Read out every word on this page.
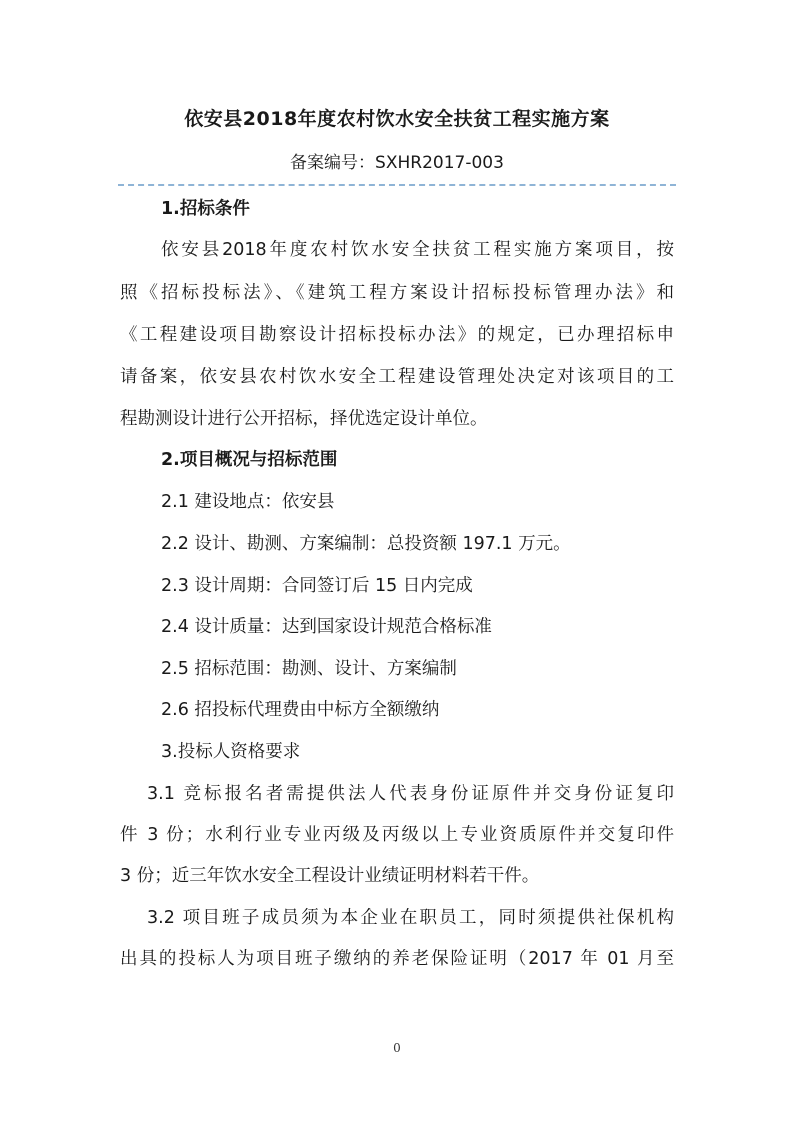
依安县2018年度农村饮水安全扶贫工程实施方案
备案编号：SXHR2017-003
1.招标条件
依安县2018年度农村饮水安全扶贫工程实施方案项目，按
照《招标投标法》、《建筑工程方案设计招标投标管理办法》和
《工程建设项目勘察设计招标投标办法》的规定，已办理招标申
请备案，依安县农村饮水安全工程建设管理处决定对该项目的工
程勘测设计进行公开招标，择优选定设计单位。
2.项目概况与招标范围
2.1 建设地点：依安县
2.2 设计、勘测、方案编制：总投资额 197.1 万元。
2.3 设计周期：合同签订后 15 日内完成
2.4 设计质量：达到国家设计规范合格标准
2.5 招标范围：勘测、设计、方案编制
2.6 招投标代理费由中标方全额缴纳
3.投标人资格要求
3.1 竞标报名者需提供法人代表身份证原件并交身份证复印
件 3 份；水利行业专业丙级及丙级以上专业资质原件并交复印件
3 份；近三年饮水安全工程设计业绩证明材料若干件。
3.2 项目班子成员须为本企业在职员工，同时须提供社保机构
出具的投标人为项目班子缴纳的养老保险证明（2017 年 01 月至
0
